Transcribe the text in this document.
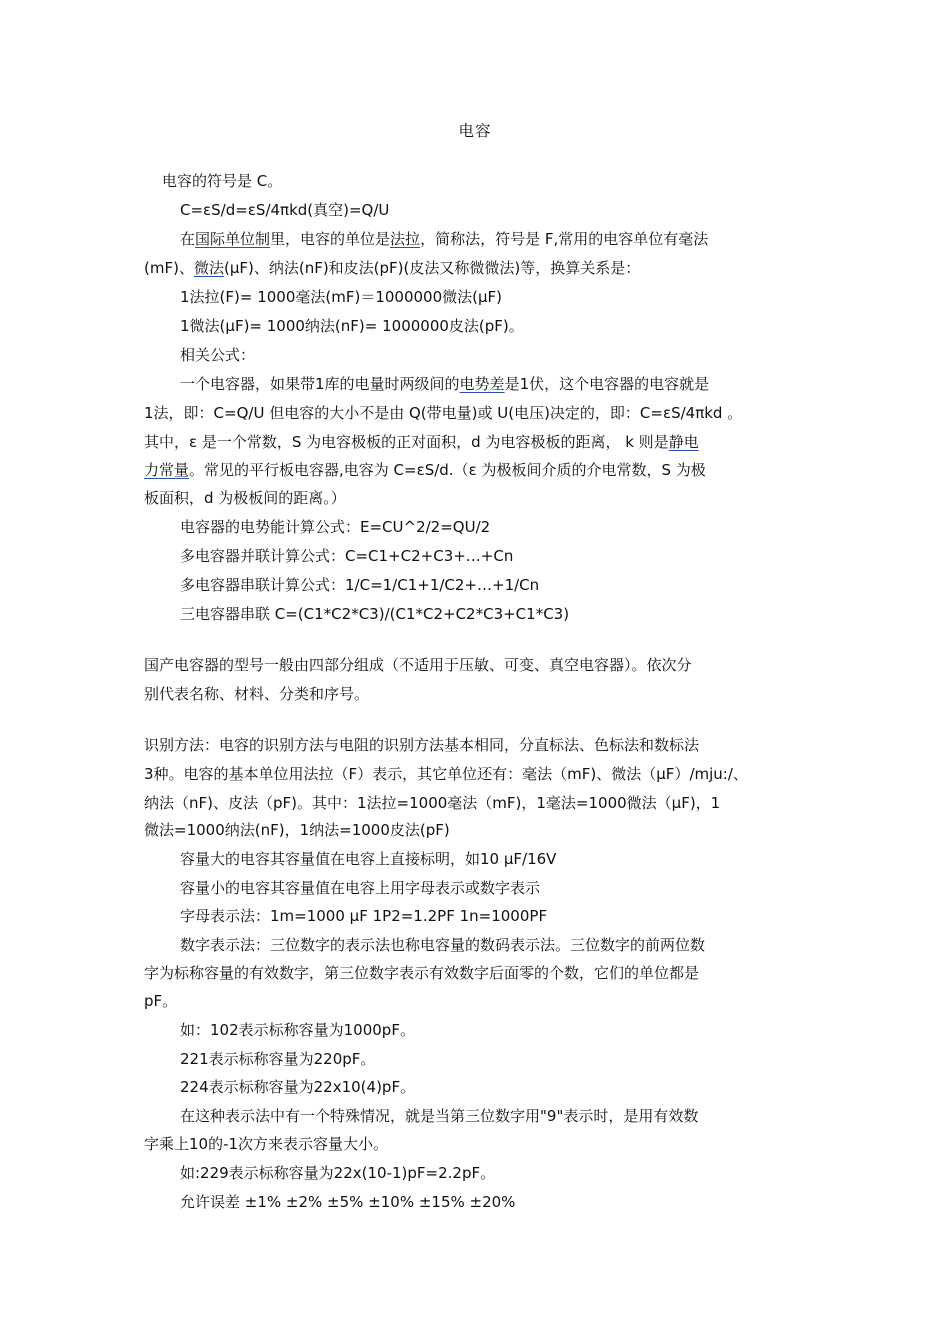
电容
电容的符号是 C。
C=εS/d=εS/4πkd(真空)=Q/U
在国际单位制里，电容的单位是法拉，简称法，符号是 F,常用的电容单位有毫法
(mF)、微法(μF)、纳法(nF)和皮法(pF)(皮法又称微微法)等，换算关系是：
1法拉(F)= 1000毫法(mF)＝1000000微法(μF)
1微法(μF)= 1000纳法(nF)= 1000000皮法(pF)。
相关公式：
一个电容器，如果带1库的电量时两级间的电势差是1伏，这个电容器的电容就是
1法，即：C=Q/U 但电容的大小不是由 Q(带电量)或 U(电压)决定的，即：C=εS/4πkd 。
其中，ε 是一个常数，S 为电容极板的正对面积，d 为电容极板的距离， k 则是静电
力常量。常见的平行板电容器,电容为 C=εS/d.（ε 为极板间介质的介电常数，S 为极
板面积，d 为极板间的距离。）
电容器的电势能计算公式：E=CU^2/2=QU/2
多电容器并联计算公式：C=C1+C2+C3+…+Cn
多电容器串联计算公式：1/C=1/C1+1/C2+…+1/Cn
三电容器串联 C=(C1*C2*C3)/(C1*C2+C2*C3+C1*C3)
国产电容器的型号一般由四部分组成（不适用于压敏、可变、真空电容器）。依次分
别代表名称、材料、分类和序号。
识别方法：电容的识别方法与电阻的识别方法基本相同，分直标法、色标法和数标法
3种。电容的基本单位用法拉（F）表示，其它单位还有：毫法（mF)、微法（μF）/mju:/、
纳法（nF)、皮法（pF)。其中：1法拉=1000毫法（mF)，1毫法=1000微法（μF)，1
微法=1000纳法(nF)，1纳法=1000皮法(pF)
容量大的电容其容量值在电容上直接标明，如10 μF/16V
容量小的电容其容量值在电容上用字母表示或数字表示
字母表示法：1m=1000 μF 1P2=1.2PF 1n=1000PF
数字表示法：三位数字的表示法也称电容量的数码表示法。三位数字的前两位数
字为标称容量的有效数字，第三位数字表示有效数字后面零的个数，它们的单位都是
pF。
如：102表示标称容量为1000pF。
221表示标称容量为220pF。
224表示标称容量为22x10(4)pF。
在这种表示法中有一个特殊情况，就是当第三位数字用"9"表示时，是用有效数
字乘上10的-1次方来表示容量大小。
如:229表示标称容量为22x(10-1)pF=2.2pF。
允许误差 ±1% ±2% ±5% ±10% ±15% ±20%
